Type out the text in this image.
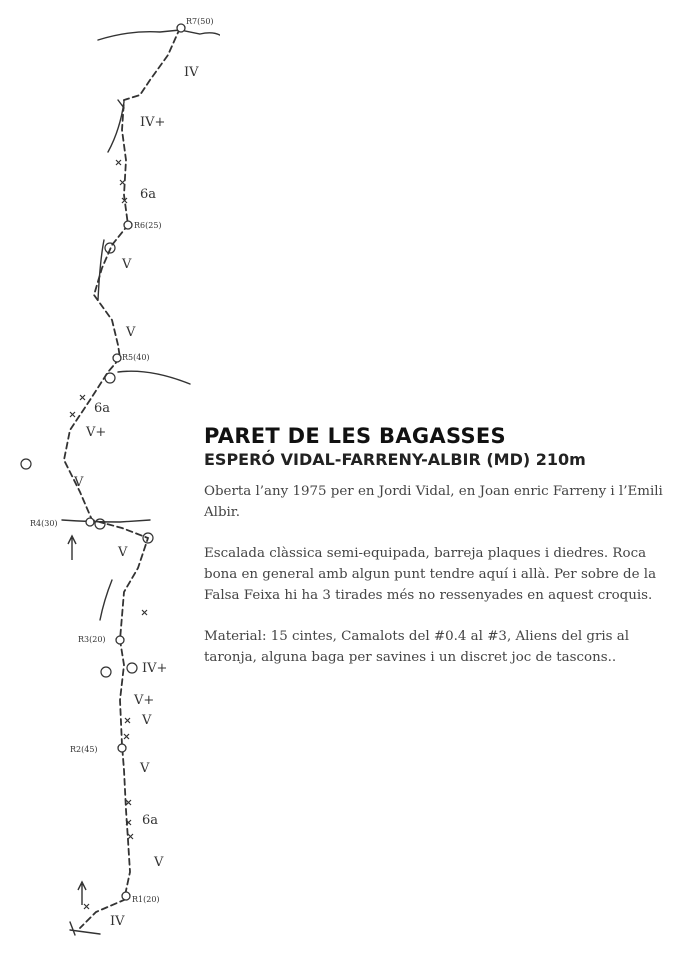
R7(50)
R6(25)
R5(40)
R4(30)
R3(20)
R2(45)
R1(20)
IV
IV+
6a
V
V
6a
V+
V
V
IV+
V+
V
V
6a
V
IV
PARET DE LES BAGASSES
ESPERÓ VIDAL-FARRENY-ALBIR (MD) 210m

Oberta l’any 1975 per en Jordi Vidal, en Joan enric Farreny i l’Emili Albir.

Escalada clàssica semi-equipada, barreja plaques i diedres. Roca bona en general amb algun punt tendre aquí i allà. Per sobre de la Falsa Feixa hi ha 3 tirades més no ressenyades en aquest croquis.

Material: 15 cintes, Camalots del #0.4 al #3, Aliens del gris al taronja, alguna baga per savines i un discret joc de tascons..
